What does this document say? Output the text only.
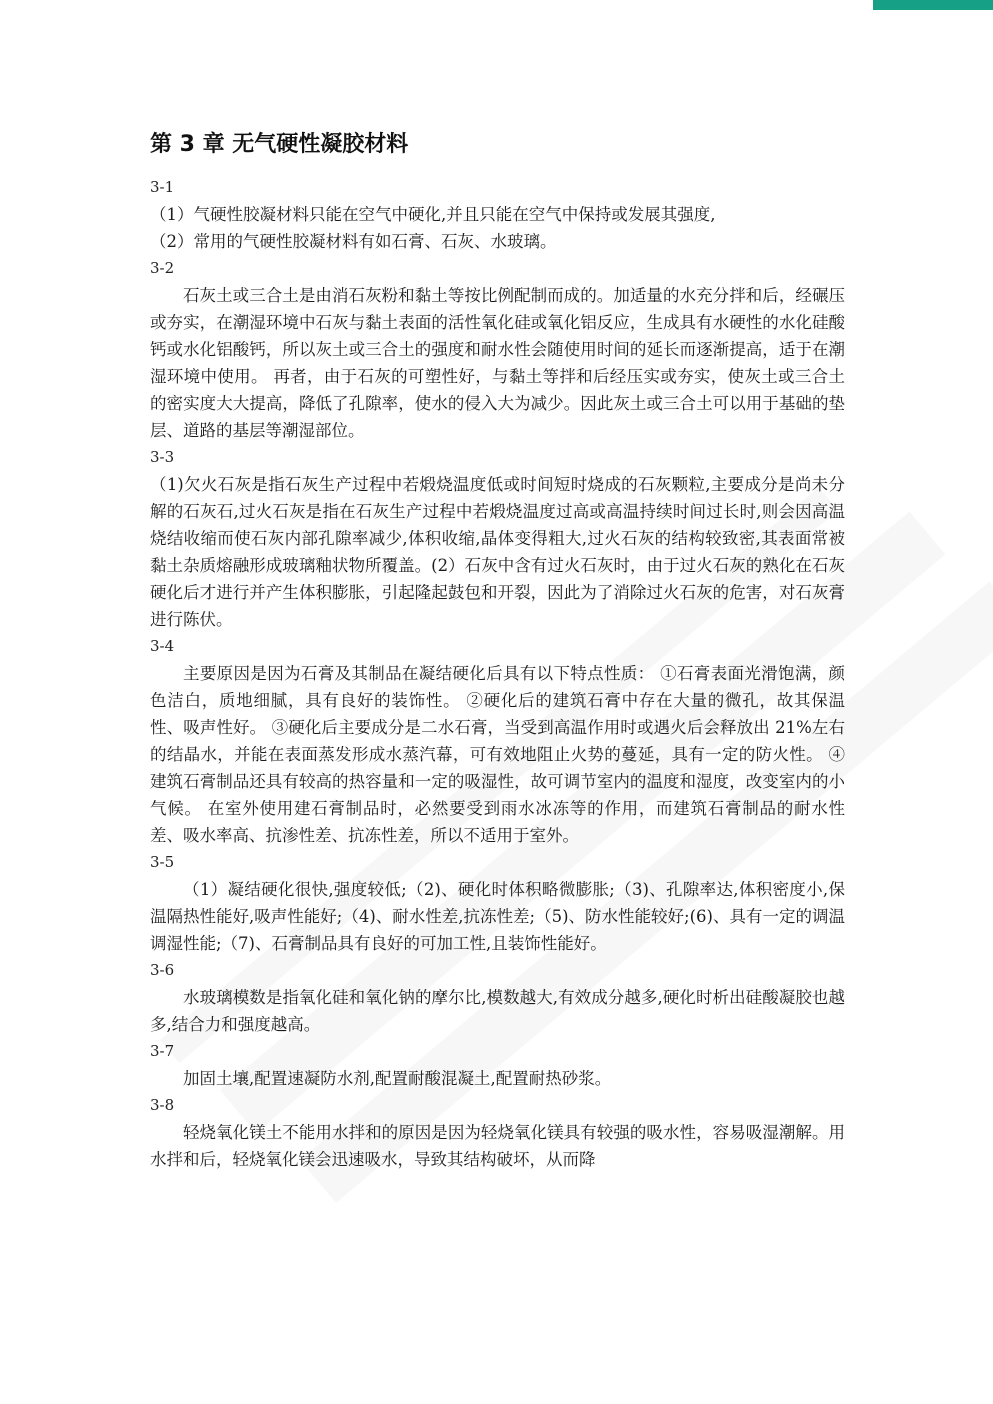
第 3 章 无气硬性凝胶材料
3-1

（1）气硬性胶凝材料只能在空气中硬化,并且只能在空气中保持或发展其强度,

（2）常用的气硬性胶凝材料有如石膏、石灰、水玻璃。

3-2

石灰土或三合土是由消石灰粉和黏土等按比例配制而成的。加适量的水充分拌和后，经碾压或夯实，在潮湿环境中石灰与黏土表面的活性氧化硅或氧化铝反应，生成具有水硬性的水化硅酸钙或水化铝酸钙，所以灰土或三合土的强度和耐水性会随使用时间的延长而逐渐提高，适于在潮湿环境中使用。 再者，由于石灰的可塑性好，与黏土等拌和后经压实或夯实，使灰土或三合土的密实度大大提高，降低了孔隙率，使水的侵入大为减少。因此灰土或三合土可以用于基础的垫层、道路的基层等潮湿部位。

3-3

（1)欠火石灰是指石灰生产过程中若煅烧温度低或时间短时烧成的石灰颗粒,主要成分是尚未分解的石灰石,过火石灰是指在石灰生产过程中若煅烧温度过高或高温持续时间过长时,则会因高温烧结收缩而使石灰内部孔隙率减少,体积收缩,晶体变得粗大,过火石灰的结构较致密,其表面常被黏土杂质熔融形成玻璃釉状物所覆盖。(2）石灰中含有过火石灰时，由于过火石灰的熟化在石灰硬化后才进行并产生体积膨胀，引起隆起鼓包和开裂，因此为了消除过火石灰的危害，对石灰膏进行陈伏。

3-4

主要原因是因为石膏及其制品在凝结硬化后具有以下特点性质： ①石膏表面光滑饱满，颜色洁白，质地细腻，具有良好的装饰性。 ②硬化后的建筑石膏中存在大量的微孔，故其保温性、吸声性好。 ③硬化后主要成分是二水石膏，当受到高温作用时或遇火后会释放出 21%左右的结晶水，并能在表面蒸发形成水蒸汽幕，可有效地阻止火势的蔓延，具有一定的防火性。 ④建筑石膏制品还具有较高的热容量和一定的吸湿性，故可调节室内的温度和湿度，改变室内的小气候。 在室外使用建石膏制品时，必然要受到雨水冰冻等的作用，而建筑石膏制品的耐水性差、吸水率高、抗渗性差、抗冻性差，所以不适用于室外。

3-5

（1）凝结硬化很快,强度较低;（2)、硬化时体积略微膨胀;（3)、孔隙率达,体积密度小,保温隔热性能好,吸声性能好;（4)、耐水性差,抗冻性差;（5)、防水性能较好;(6)、具有一定的调温调湿性能;（7)、石膏制品具有良好的可加工性,且装饰性能好。

3-6

水玻璃模数是指氧化硅和氧化钠的摩尔比,模数越大,有效成分越多,硬化时析出硅酸凝胶也越多,结合力和强度越高。

3-7

加固土壤,配置速凝防水剂,配置耐酸混凝土,配置耐热砂浆。

3-8

轻烧氧化镁土不能用水拌和的原因是因为轻烧氧化镁具有较强的吸水性，容易吸湿潮解。用水拌和后，轻烧氧化镁会迅速吸水，导致其结构破坏，从而降
